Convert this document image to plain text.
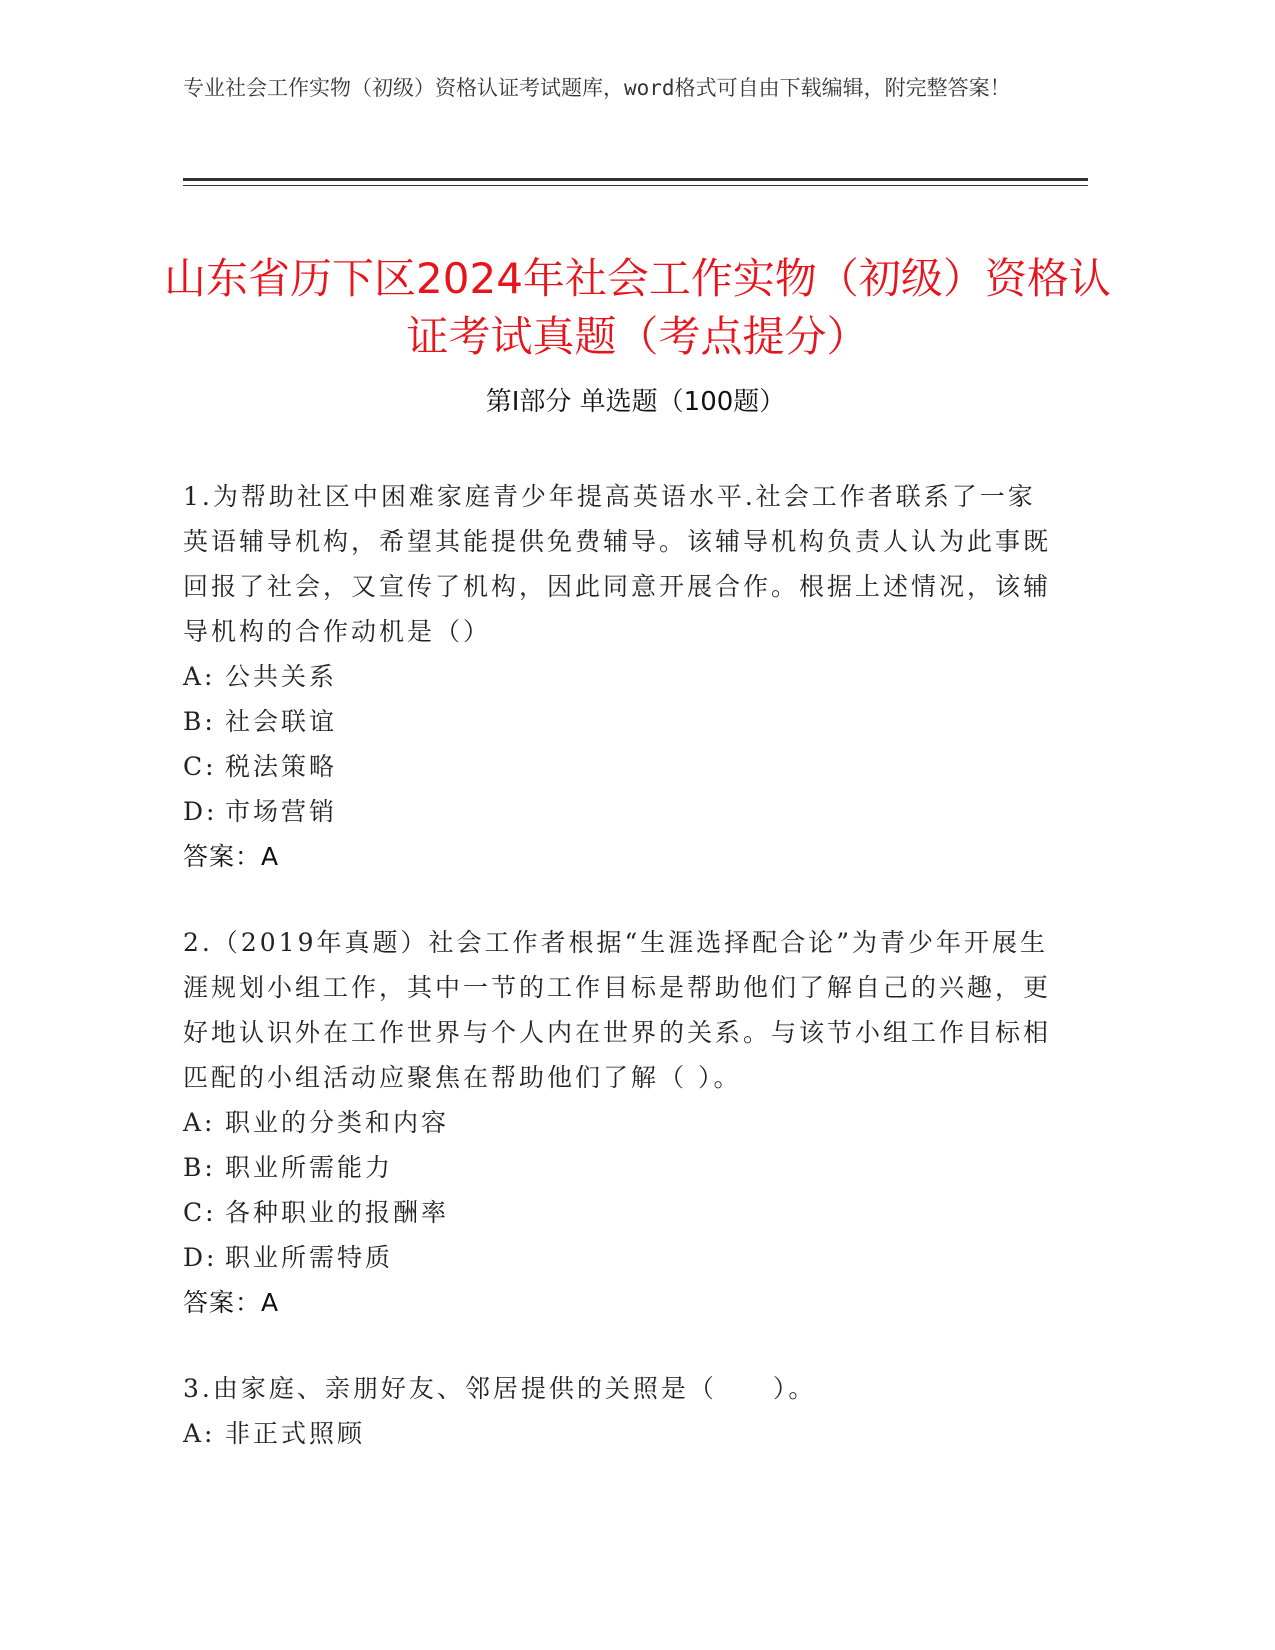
专业社会工作实物（初级）资格认证考试题库，word格式可自由下载编辑，附完整答案！
山东省历下区2024年社会工作实物（初级）资格认证考试真题（考点提分）
第Ⅰ部分 单选题（100题）

1.为帮助社区中困难家庭青少年提高英语水平.社会工作者联系了一家英语辅导机构，希望其能提供免费辅导。该辅导机构负责人认为此事既回报了社会，又宣传了机构，因此同意开展合作。根据上述情况，该辅导机构的合作动机是（）

A: 公共关系
B: 社会联谊
C: 税法策略
D: 市场营销
答案：A

2.（2019年真题）社会工作者根据“生涯选择配合论”为青少年开展生涯规划小组工作，其中一节的工作目标是帮助他们了解自己的兴趣，更好地认识外在工作世界与个人内在世界的关系。与该节小组工作目标相匹配的小组活动应聚焦在帮助他们了解（ ）。

A: 职业的分类和内容
B: 职业所需能力
C: 各种职业的报酬率
D: 职业所需特质
答案：A

3.由家庭、亲朋好友、邻居提供的关照是（　　）。

A: 非正式照顾
